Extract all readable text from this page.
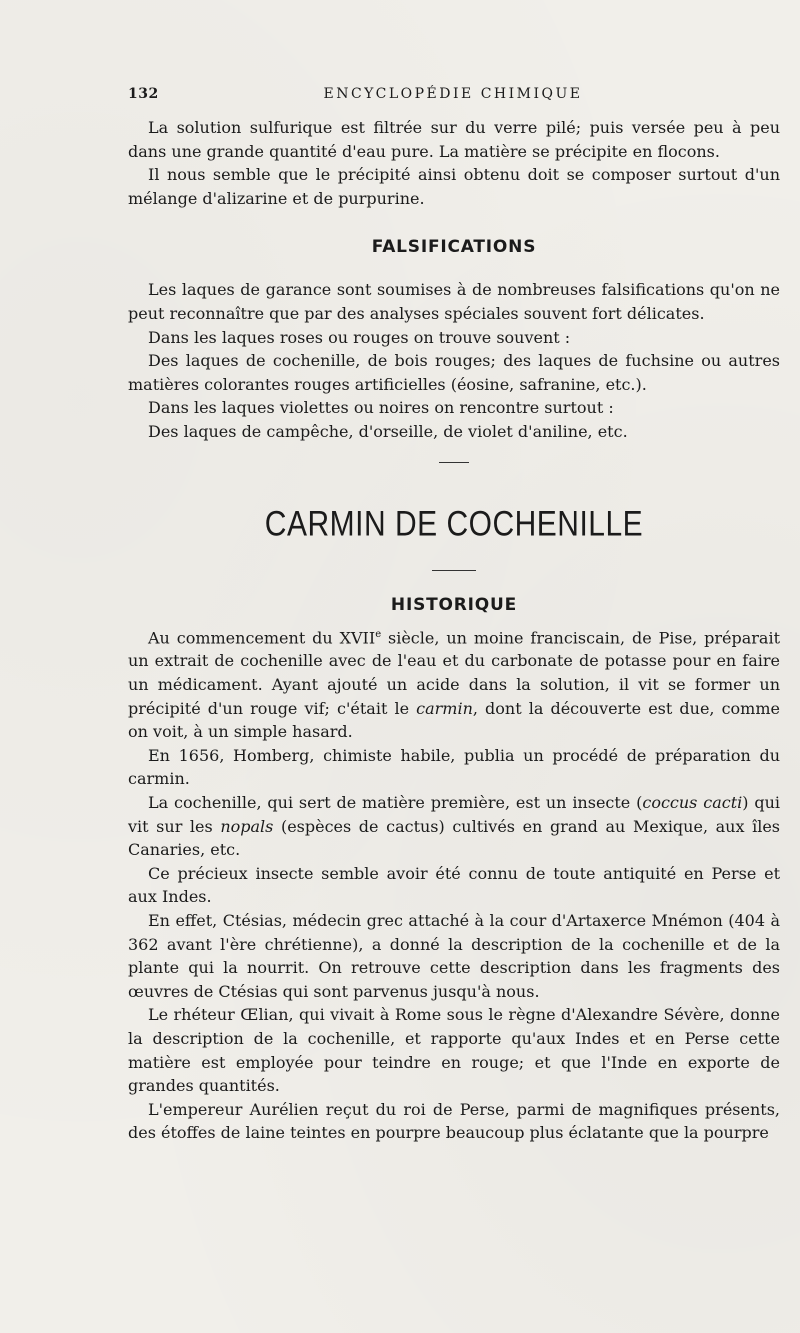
132	ENCYCLOPÉDIE CHIMIQUE

La solution sulfurique est filtrée sur du verre pilé; puis versée peu à peu dans une grande quantité d'eau pure. La matière se précipite en flocons.

Il nous semble que le précipité ainsi obtenu doit se composer surtout d'un mélange d'alizarine et de purpurine.

FALSIFICATIONS

Les laques de garance sont soumises à de nombreuses falsifications qu'on ne peut reconnaître que par des analyses spéciales souvent fort délicates.

Dans les laques roses ou rouges on trouve souvent :

Des laques de cochenille, de bois rouges; des laques de fuchsine ou autres matières colorantes rouges artificielles (éosine, safranine, etc.).

Dans les laques violettes ou noires on rencontre surtout :

Des laques de campêche, d'orseille, de violet d'aniline, etc.

CARMIN DE COCHENILLE
HISTORIQUE

Au commencement du XVIIe siècle, un moine franciscain, de Pise, préparait un extrait de cochenille avec de l'eau et du carbonate de potasse pour en faire un médicament. Ayant ajouté un acide dans la solution, il vit se former un précipité d'un rouge vif; c'était le carmin, dont la découverte est due, comme on voit, à un simple hasard.

En 1656, Homberg, chimiste habile, publia un procédé de préparation du carmin.

La cochenille, qui sert de matière première, est un insecte (coccus cacti) qui vit sur les nopals (espèces de cactus) cultivés en grand au Mexique, aux îles Canaries, etc.

Ce précieux insecte semble avoir été connu de toute antiquité en Perse et aux Indes.

En effet, Ctésias, médecin grec attaché à la cour d'Artaxerce Mnémon (404 à 362 avant l'ère chrétienne), a donné la description de la cochenille et de la plante qui la nourrit. On retrouve cette description dans les fragments des œuvres de Ctésias qui sont parvenus jusqu'à nous.

Le rhéteur Œlian, qui vivait à Rome sous le règne d'Alexandre Sévère, donne la description de la cochenille, et rapporte qu'aux Indes et en Perse cette matière est employée pour teindre en rouge; et que l'Inde en exporte de grandes quantités.

L'empereur Aurélien reçut du roi de Perse, parmi de magnifiques présents, des étoffes de laine teintes en pourpre beaucoup plus éclatante que la pourpre
